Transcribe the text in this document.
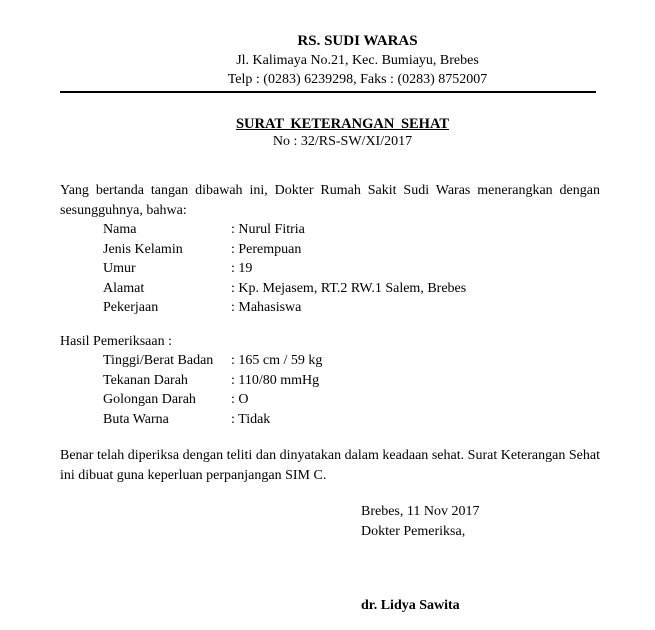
RS. SUDI WARAS
Jl. Kalimaya No.21, Kec. Bumiayu, Brebes
Telp : (0283) 6239298, Faks : (0283) 8752007
SURAT KETERANGAN SEHAT
No : 32/RS-SW/XI/2017
Yang bertanda tangan dibawah ini, Dokter Rumah Sakit Sudi Waras menerangkan dengan sesungguhnya, bahwa:
Nama	: Nurul Fitria
Jenis Kelamin	: Perempuan
Umur	: 19
Alamat	: Kp. Mejasem, RT.2 RW.1 Salem, Brebes
Pekerjaan	: Mahasiswa
Hasil Pemeriksaan :
Tinggi/Berat Badan	: 165 cm / 59 kg
Tekanan Darah	: 110/80 mmHg
Golongan Darah	: O
Buta Warna	: Tidak
Benar telah diperiksa dengan teliti dan dinyatakan dalam keadaan sehat. Surat Keterangan Sehat ini dibuat guna keperluan perpanjangan SIM C.
Brebes, 11 Nov 2017
Dokter Pemeriksa,
dr. Lidya Sawita
